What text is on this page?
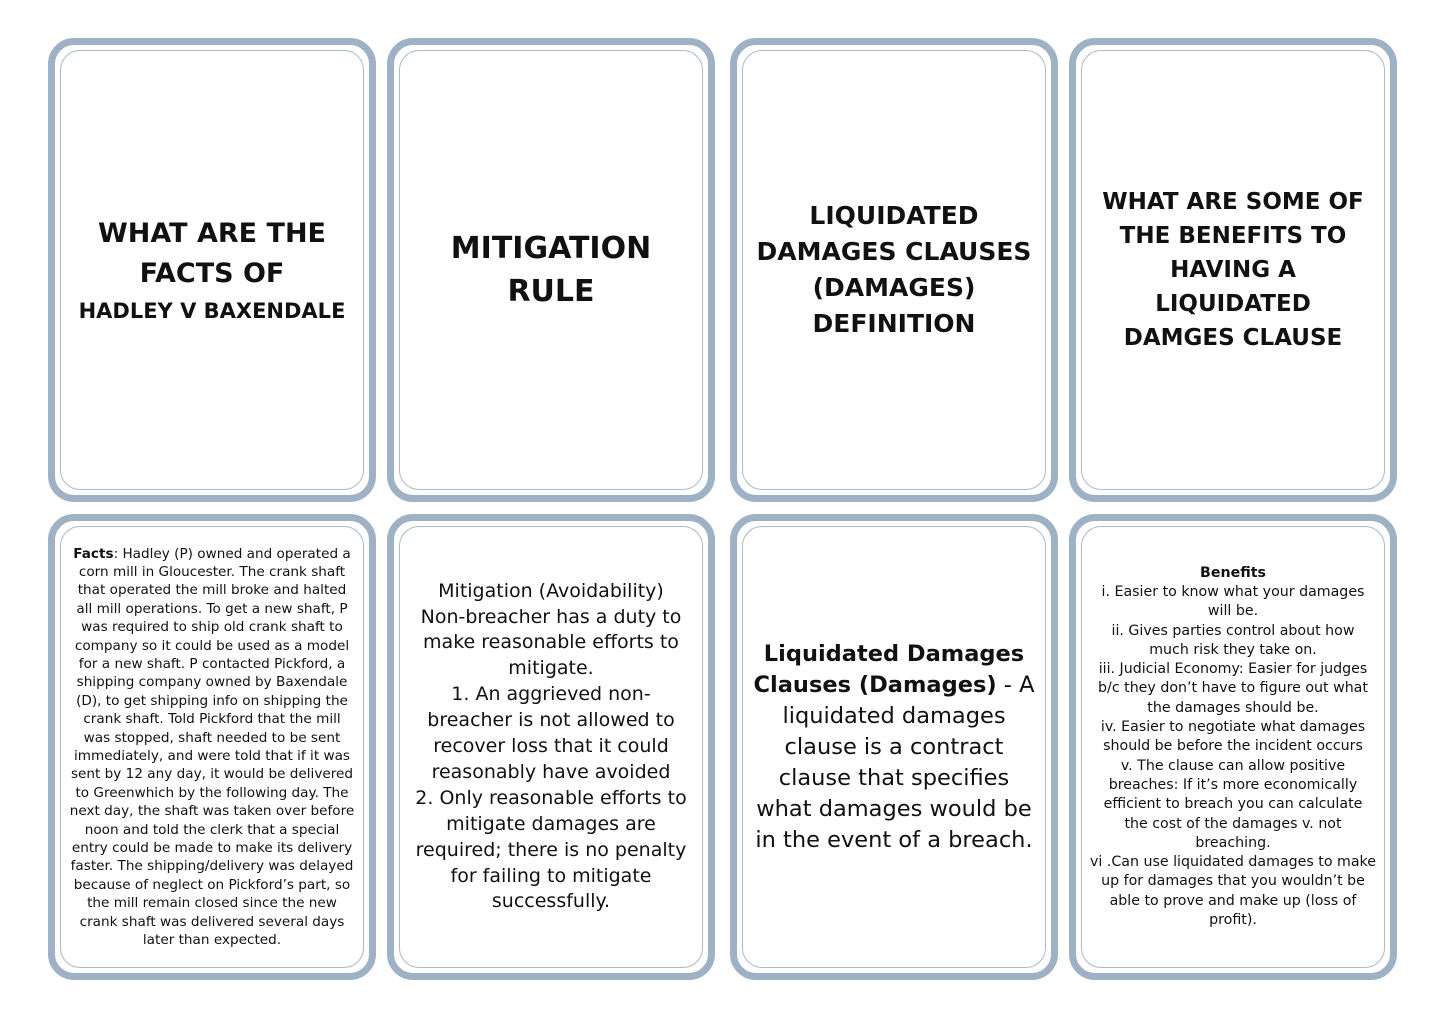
WHAT ARE THE
FACTS OF
HADLEY V BAXENDALE
MITIGATION
RULE
LIQUIDATED
DAMAGES CLAUSES
(DAMAGES)
DEFINITION
WHAT ARE SOME OF
THE BENEFITS TO
HAVING A LIQUIDATED
DAMGES CLAUSE

Facts: Hadley (P) owned and operated a corn mill in Gloucester. The crank shaft that operated the mill broke and halted all mill operations. To get a new shaft, P was required to ship old crank shaft to company so it could be used as a model for a new shaft. P contacted Pickford, a shipping company owned by Baxendale (D), to get shipping info on shipping the crank shaft. Told Pickford that the mill was stopped, shaft needed to be sent immediately, and were told that if it was sent by 12 any day, it would be delivered to Greenwhich by the following day. The next day, the shaft was taken over before noon and told the clerk that a special entry could be made to make its delivery faster. The shipping/delivery was delayed because of neglect on Pickford’s part, so the mill remain closed since the new crank shaft was delivered several days later than expected.

Mitigation (Avoidability)
Non-breacher has a duty to make reasonable efforts to mitigate.
1. An aggrieved non-breacher is not allowed to recover loss that it could reasonably have avoided
2. Only reasonable efforts to mitigate damages are required; there is no penalty for failing to mitigate successfully.

Liquidated Damages Clauses (Damages) - A liquidated damages clause is a contract clause that specifies what damages would be in the event of a breach.

Benefits
i. Easier to know what your damages will be.
ii. Gives parties control about how much risk they take on.
iii. Judicial Economy: Easier for judges b/c they don’t have to figure out what the damages should be.
iv. Easier to negotiate what damages should be before the incident occurs
v. The clause can allow positive breaches: If it’s more economically efficient to breach you can calculate the cost of the damages v. not breaching.
vi .Can use liquidated damages to make up for damages that you wouldn’t be able to prove and make up (loss of profit).
